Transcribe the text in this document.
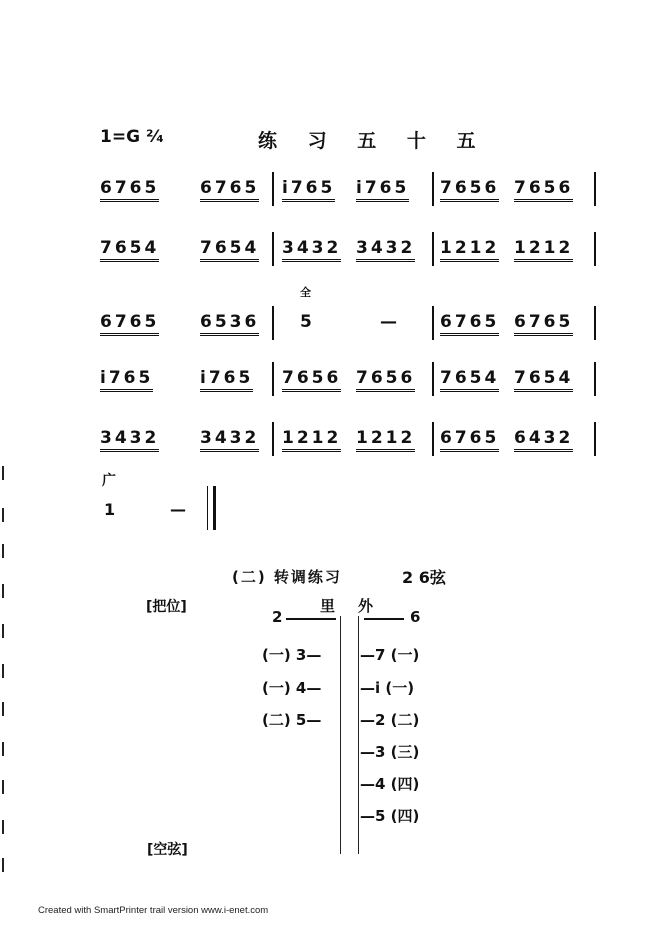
1=G ²⁄₄	练 习 五 十 五
6765 6765 i765 i765 7656 7656
7654 7654 3432 3432 1212 1212
全
6765 6536 5	— 6765 6765
i765	i765 7656 7656 7654 7654
3432 3432 1212 1212 6765 6432
广
1	—
(二) 转调练习	2 6弦
[把位]
[空弦]
2
里 外
6
(一) 3—
(一) 4—
(二) 5—
—7 (一)
—i (一)
—2 (二)
—3 (三)
—4 (四)
—5 (四)
Created with SmartPrinter trail version www.i-enet.com
